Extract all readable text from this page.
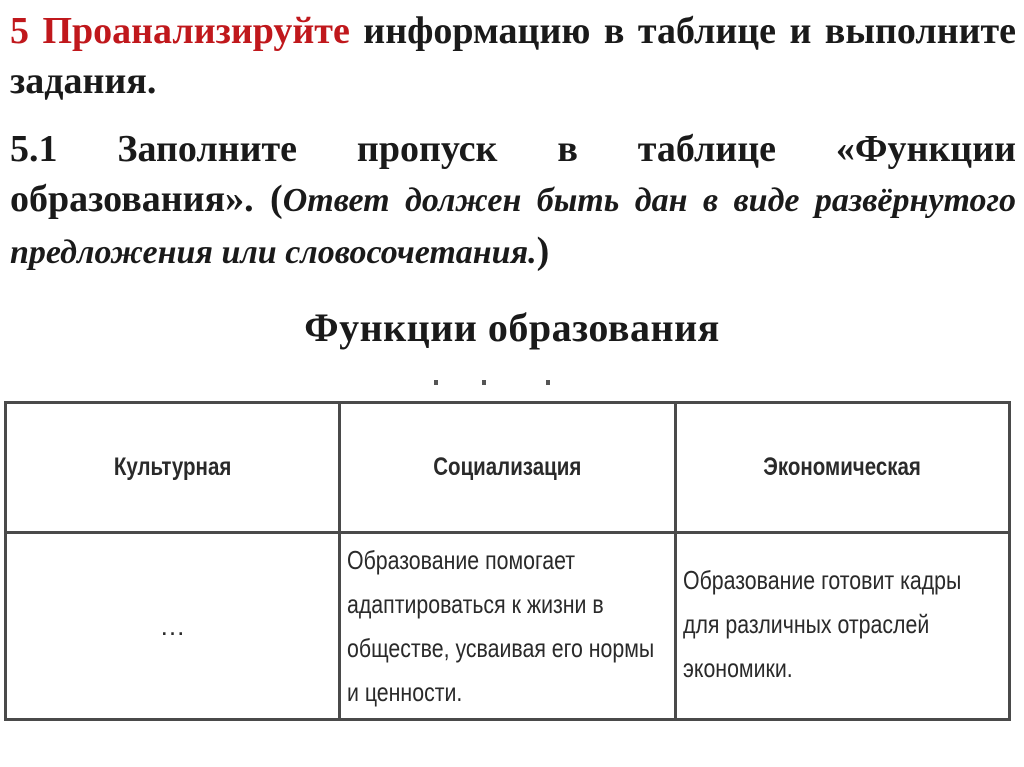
5 Проанализируйте информацию в таблице и выполните задания.
5.1 Заполните пропуск в таблице «Функции образования». (Ответ должен быть дан в виде развёрнутого предложения или словосочетания.)
Функции образования
Культурная	Социализация	Экономическая
…	Образование помогает адаптироваться к жизни в обществе, усваивая его нормы и ценности.	Образование готовит кадры для различных отраслей экономики.
